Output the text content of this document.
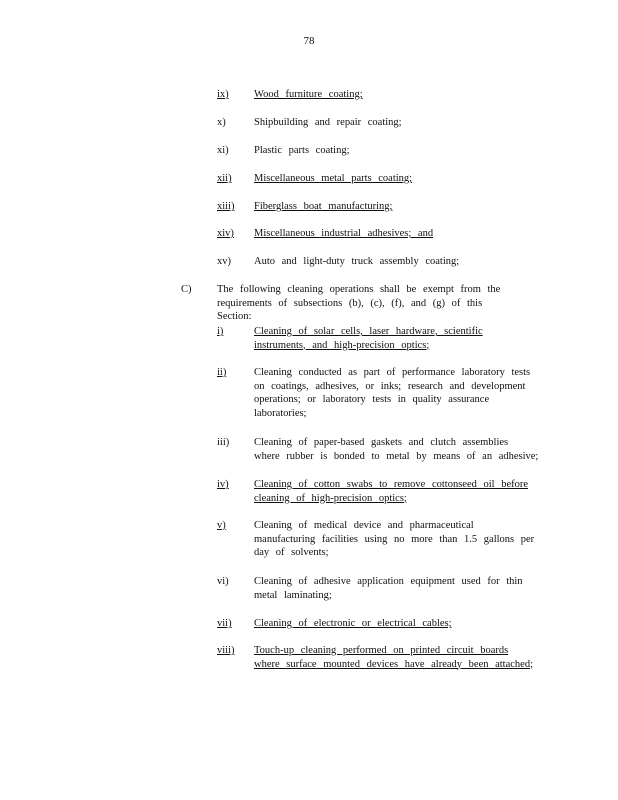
78
ix) Wood furniture coating;
x)	Shipbuilding and repair coating;
xi) Plastic parts coating;
xii) Miscellaneous metal parts coating;
xiii) Fiberglass boat manufacturing;
xiv) Miscellaneous industrial adhesives; and
xv) Auto and light-duty truck assembly coating;
C) The following cleaning operations shall be exempt from the requirements of subsections (b), (c), (f), and (g) of this Section:
i)	Cleaning of solar cells, laser hardware, scientific instruments, and high-precision optics;
ii)	Cleaning conducted as part of performance laboratory tests on coatings, adhesives, or inks; research and development operations; or laboratory tests in quality assurance laboratories;
iii) Cleaning of paper-based gaskets and clutch assemblies where rubber is bonded to metal by means of an adhesive;
iv) Cleaning of cotton swabs to remove cottonseed oil before cleaning of high-precision optics;
v)	Cleaning of medical device and pharmaceutical manufacturing facilities using no more than 1.5 gallons per day of solvents;
vi) Cleaning of adhesive application equipment used for thin metal laminating;
vii) Cleaning of electronic or electrical cables;
viii) Touch-up cleaning performed on printed circuit boards where surface mounted devices have already been attached;
